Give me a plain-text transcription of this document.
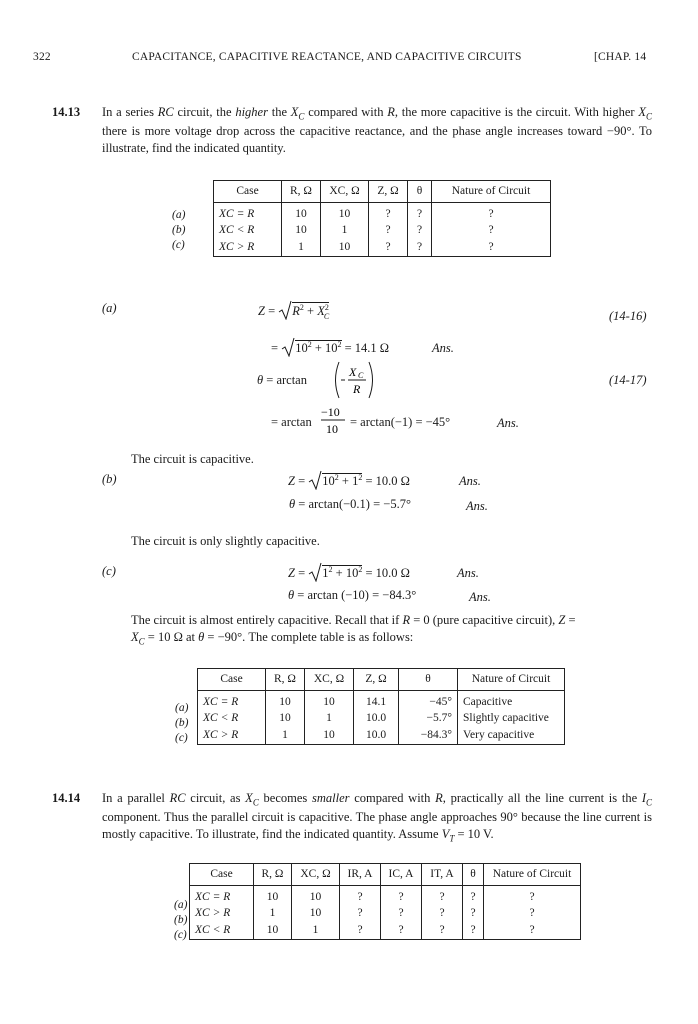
322	CAPACITANCE, CAPACITIVE REACTANCE, AND CAPACITIVE CIRCUITS	[CHAP. 14
14.13 In a series RC circuit, the higher the $X_C$ compared with R, the more capacitive is the circuit. With higher $X_C$ there is more voltage drop across the capacitive reactance, and the phase angle increases toward −90°. To illustrate, find the indicated quantity.

Case	R, Ω	XC, Ω	Z, Ω	θ	Nature of Circuit
XC = R	10	10	?	?	?
XC < R	10	1	?	?	?
XC > R	1	10	?	?	?
(a)
(b)
(c)
(a)	$Z = R^2 + X^2_C$	(14-16)
= $10^2 + 10^2 = 14.1$ Ω	Ans.
θ = arctan
X C
R
(14-17)
= arctan
−10
10 = arctan(−1) = −45°	Ans.
The circuit is capacitive.
(b)	$Z = 10^2 + 1^2 = 10.0$ Ω	Ans.
θ = arctan(−0.1) = −5.7°	Ans.
The circuit is only slightly capacitive.
(c)	$Z = 1^2 + 10^2 = 10.0$ Ω	Ans.
θ = arctan (−10) = −84.3°	Ans.
The circuit is almost entirely capacitive. Recall that if R = 0 (pure capacitive circuit), Z =
$X_C = 10$ Ω at θ = −90°. The complete table is as follows:

Case	R, Ω	XC, Ω	Z, Ω	θ	Nature of Circuit
XC = R	10	10	14.1	−45°	Capacitive
XC < R	10	1	10.0	−5.7°	Slightly capacitive
XC > R	1	10	10.0	−84.3°	Very capacitive
(a)
(b)
(c)
14.14 In a parallel RC circuit, as $X_C$ becomes smaller compared with R, practically all the line current is the $I_C$ component. Thus the parallel circuit is capacitive. The phase angle approaches 90° because the line current is mostly capacitive. To illustrate, find the indicated quantity. Assume $V_T = 10$ V.

Case	R, Ω	XC, Ω	IR, A	IC, A	IT, A	θ	Nature of Circuit
XC = R	10	10	?	?	?	?	?
XC > R	1	10	?	?	?	?	?
XC < R	10	1	?	?	?	?	?
(a)
(b)
(c)
